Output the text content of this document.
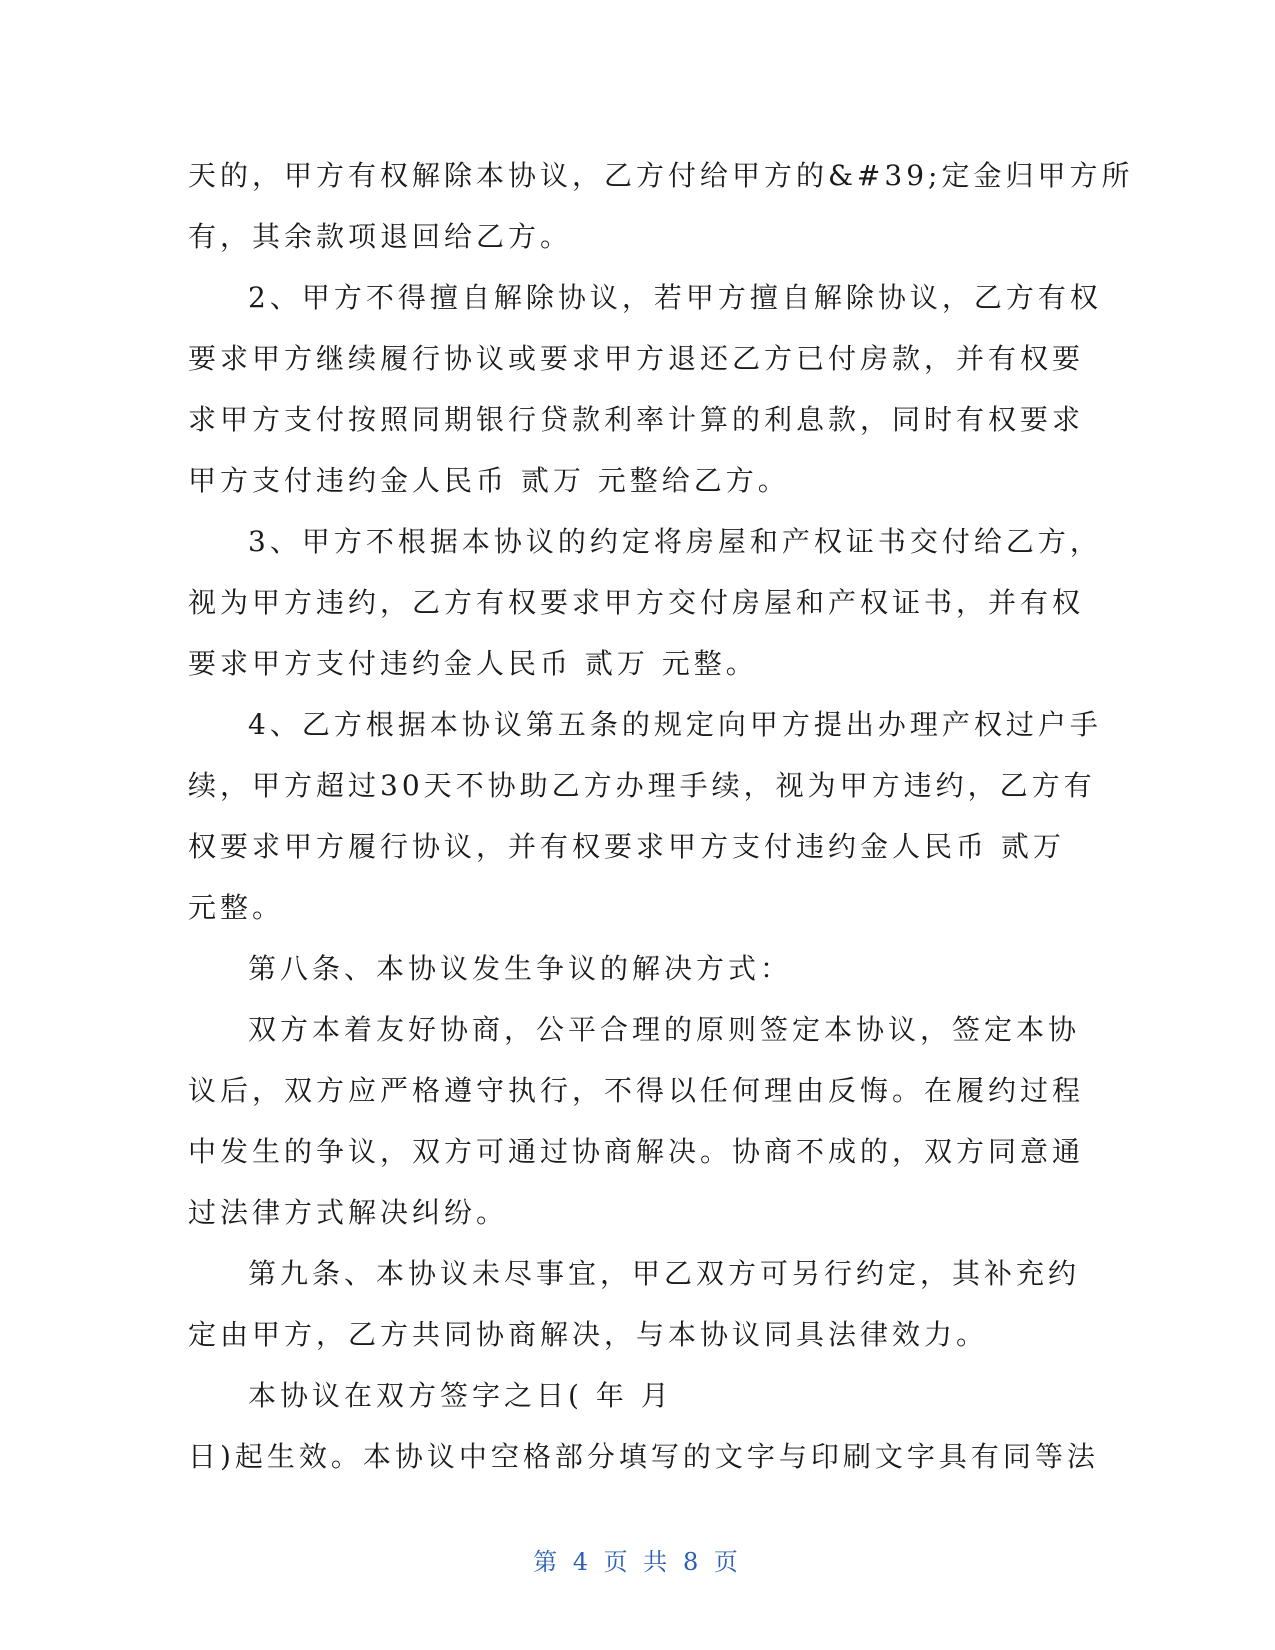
天的，甲方有权解除本协议，乙方付给甲方的&#39;定金归甲方所
有，其余款项退回给乙方。
2、甲方不得擅自解除协议，若甲方擅自解除协议，乙方有权
要求甲方继续履行协议或要求甲方退还乙方已付房款，并有权要
求甲方支付按照同期银行贷款利率计算的利息款，同时有权要求
甲方支付违约金人民币 贰万 元整给乙方。
3、甲方不根据本协议的约定将房屋和产权证书交付给乙方，
视为甲方违约，乙方有权要求甲方交付房屋和产权证书，并有权
要求甲方支付违约金人民币 贰万 元整。
4、乙方根据本协议第五条的规定向甲方提出办理产权过户手
续，甲方超过30天不协助乙方办理手续，视为甲方违约，乙方有
权要求甲方履行协议，并有权要求甲方支付违约金人民币 贰万
元整。
第八条、本协议发生争议的解决方式：
双方本着友好协商，公平合理的原则签定本协议，签定本协
议后，双方应严格遵守执行，不得以任何理由反悔。在履约过程
中发生的争议，双方可通过协商解决。协商不成的，双方同意通
过法律方式解决纠纷。
第九条、本协议未尽事宜，甲乙双方可另行约定，其补充约
定由甲方，乙方共同协商解决，与本协议同具法律效力。
本协议在双方签字之日( 年 月
日)起生效。本协议中空格部分填写的文字与印刷文字具有同等法
第 4 页 共 8 页
